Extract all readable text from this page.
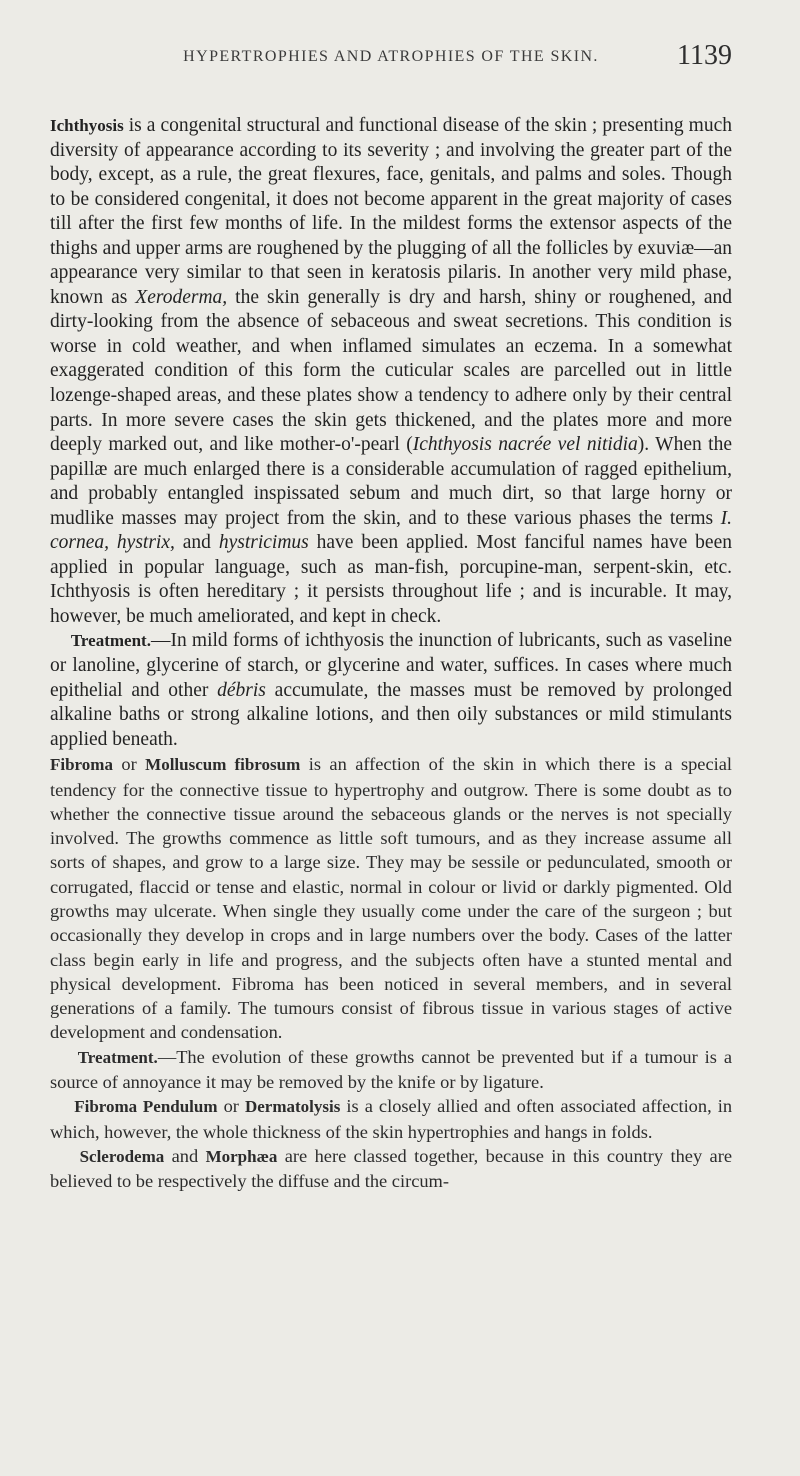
HYPERTROPHIES AND ATROPHIES OF THE SKIN.	1139

Ichthyosis is a congenital structural and functional disease of the skin ; presenting much diversity of appearance according to its severity ; and involving the greater part of the body, except, as a rule, the great flexures, face, genitals, and palms and soles. Though to be considered congenital, it does not become apparent in the great majority of cases till after the first few months of life. In the mildest forms the extensor aspects of the thighs and upper arms are roughened by the plugging of all the follicles by exuviæ—an appearance very similar to that seen in keratosis pilaris. In another very mild phase, known as Xeroderma, the skin generally is dry and harsh, shiny or roughened, and dirty-looking from the absence of sebaceous and sweat secretions. This condition is worse in cold weather, and when inflamed simulates an eczema. In a somewhat exaggerated condition of this form the cuticular scales are parcelled out in little lozenge-shaped areas, and these plates show a tendency to adhere only by their central parts. In more severe cases the skin gets thickened, and the plates more and more deeply marked out, and like mother-o'-pearl (Ichthyosis nacrée vel nitidia). When the papillæ are much enlarged there is a considerable accumulation of ragged epithelium, and probably entangled inspissated sebum and much dirt, so that large horny or mudlike masses may project from the skin, and to these various phases the terms I. cornea, hystrix, and hystricimus have been applied. Most fanciful names have been applied in popular language, such as man-fish, porcupine-man, serpent-skin, etc. Ichthyosis is often hereditary ; it persists throughout life ; and is incurable. It may, however, be much ameliorated, and kept in check.

Treatment.—In mild forms of ichthyosis the inunction of lubricants, such as vaseline or lanoline, glycerine of starch, or glycerine and water, suffices. In cases where much epithelial and other débris accumulate, the masses must be removed by prolonged alkaline baths or strong alkaline lotions, and then oily substances or mild stimulants applied beneath.

Fibroma or Molluscum fibrosum is an affection of the skin in which there is a special tendency for the connective tissue to hypertrophy and outgrow. There is some doubt as to whether the connective tissue around the sebaceous glands or the nerves is not specially involved. The growths commence as little soft tumours, and as they increase assume all sorts of shapes, and grow to a large size. They may be sessile or pedunculated, smooth or corrugated, flaccid or tense and elastic, normal in colour or livid or darkly pigmented. Old growths may ulcerate. When single they usually come under the care of the surgeon ; but occasionally they develop in crops and in large numbers over the body. Cases of the latter class begin early in life and progress, and the subjects often have a stunted mental and physical development. Fibroma has been noticed in several members, and in several generations of a family. The tumours consist of fibrous tissue in various stages of active development and condensation.

Treatment.—The evolution of these growths cannot be prevented but if a tumour is a source of annoyance it may be removed by the knife or by ligature.

Fibroma Pendulum or Dermatolysis is a closely allied and often associated affection, in which, however, the whole thickness of the skin hypertrophies and hangs in folds.

Sclerodema and Morphæa are here classed together, because in this country they are believed to be respectively the diffuse and the circum-
